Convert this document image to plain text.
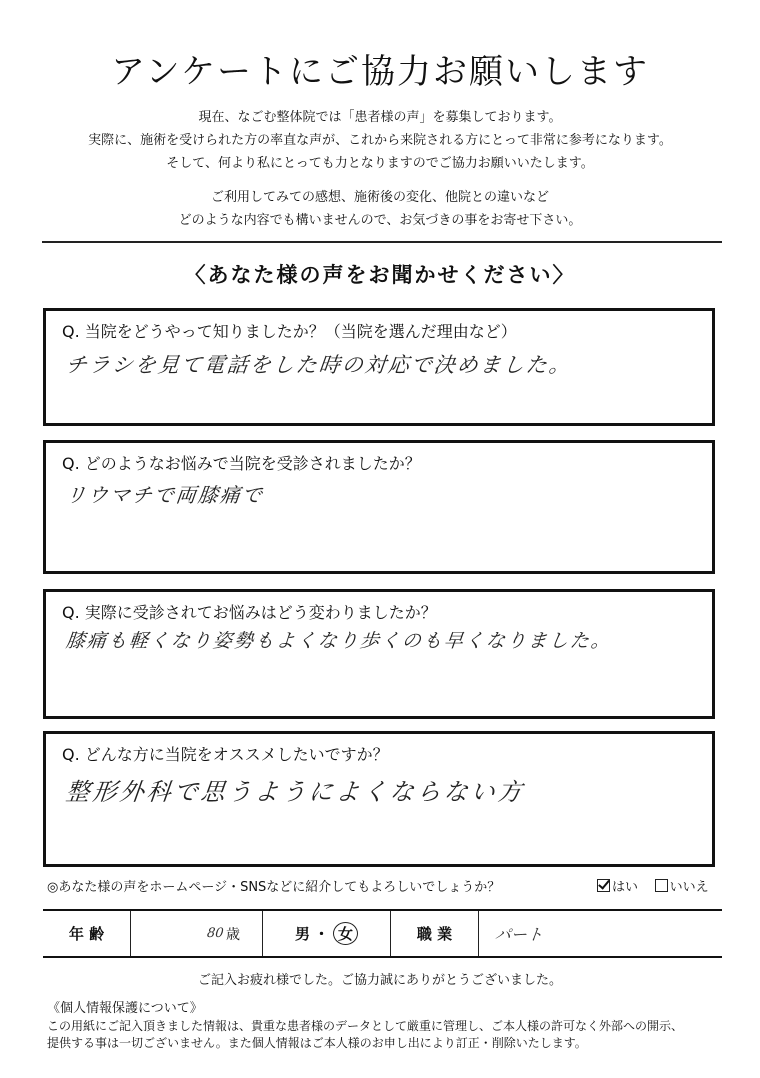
アンケートにご協力お願いします
現在、なごむ整体院では「患者様の声」を募集しております。
実際に、施術を受けられた方の率直な声が、これから来院される方にとって非常に参考になります。
そして、何より私にとっても力となりますのでご協力お願いいたします。
ご利用してみての感想、施術後の変化、他院との違いなど
どのような内容でも構いませんので、お気づきの事をお寄せ下さい。
〈あなた様の声をお聞かせください〉
Q. 当院をどうやって知りましたか？（当院を選んだ理由など）
チラシを見て電話をした時の対応で決めました。
Q. どのようなお悩みで当院を受診されましたか？
リウマチで両膝痛で
Q. 実際に受診されてお悩みはどう変わりましたか？
膝痛も軽くなり姿勢もよくなり歩くのも早くなりました。
Q. どんな方に当院をオススメしたいですか？
整形外科で思うようによくならない方
◎あなた様の声をホームページ・SNSなどに紹介してもよろしいでしょうか？	はい いいえ
年 齢	80 歳	男 ・ 女	職 業	パート
ご記入お疲れ様でした。ご協力誠にありがとうございました。
《個人情報保護について》
この用紙にご記入頂きました情報は、貴重な患者様のデータとして厳重に管理し、ご本人様の許可なく外部への開示、
提供する事は一切ございません。また個人情報はご本人様のお申し出により訂正・削除いたします。
